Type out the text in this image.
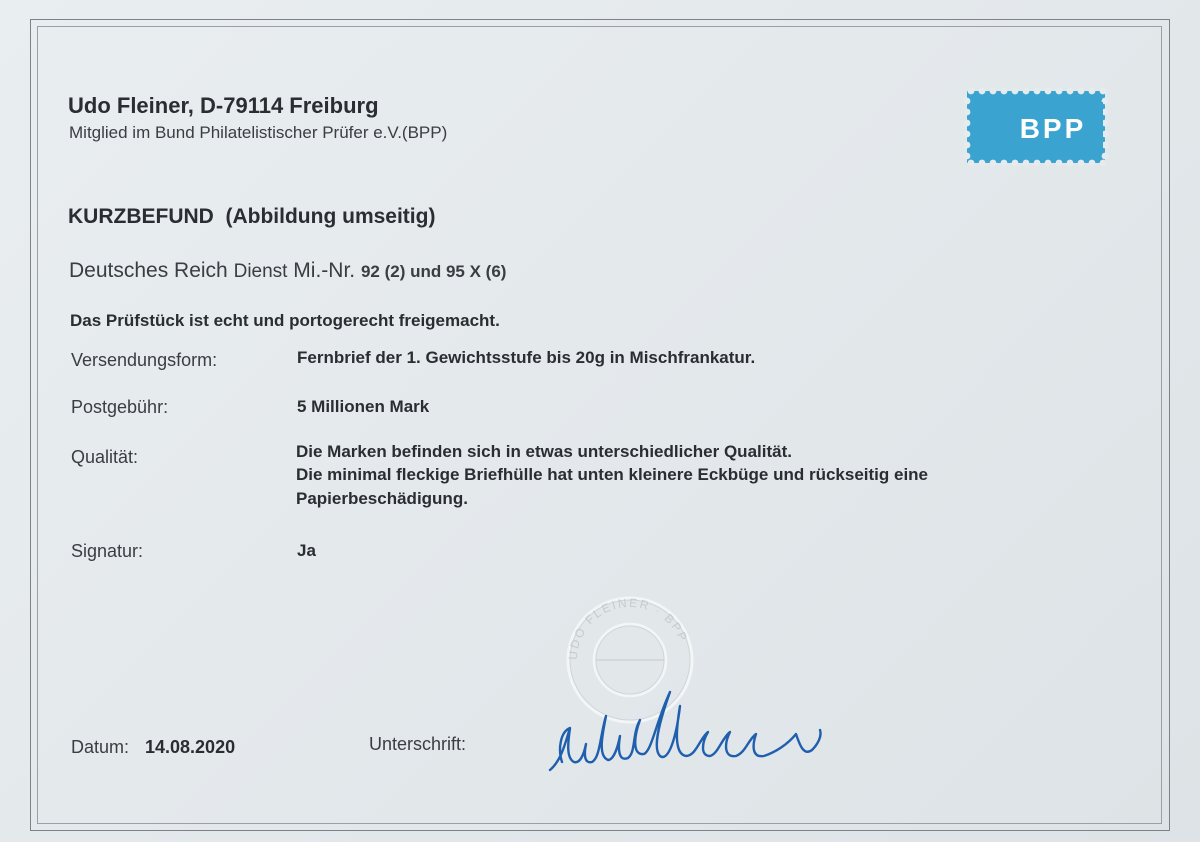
Udo Fleiner, D-79114 Freiburg
Mitglied im Bund Philatelistischer Prüfer e.V.(BPP)	BPP
KURZBEFUND  (Abbildung umseitig)
Deutsches Reich Dienst Mi.-Nr. 92 (2) und 95 X (6)
Das Prüfstück ist echt und portogerecht freigemacht.
Versendungsform:	Fernbrief der 1. Gewichtsstufe bis 20g in Mischfrankatur.
Postgebühr:	5 Millionen Mark
Qualität:	Die Marken befinden sich in etwas unterschiedlicher Qualität.
Die minimal fleckige Briefhülle hat unten kleinere Eckbüge und rückseitig eine
Papierbeschädigung.
Signatur:	Ja
UDO FLEINER · BPP
Datum: 14.08.2020	Unterschrift:
